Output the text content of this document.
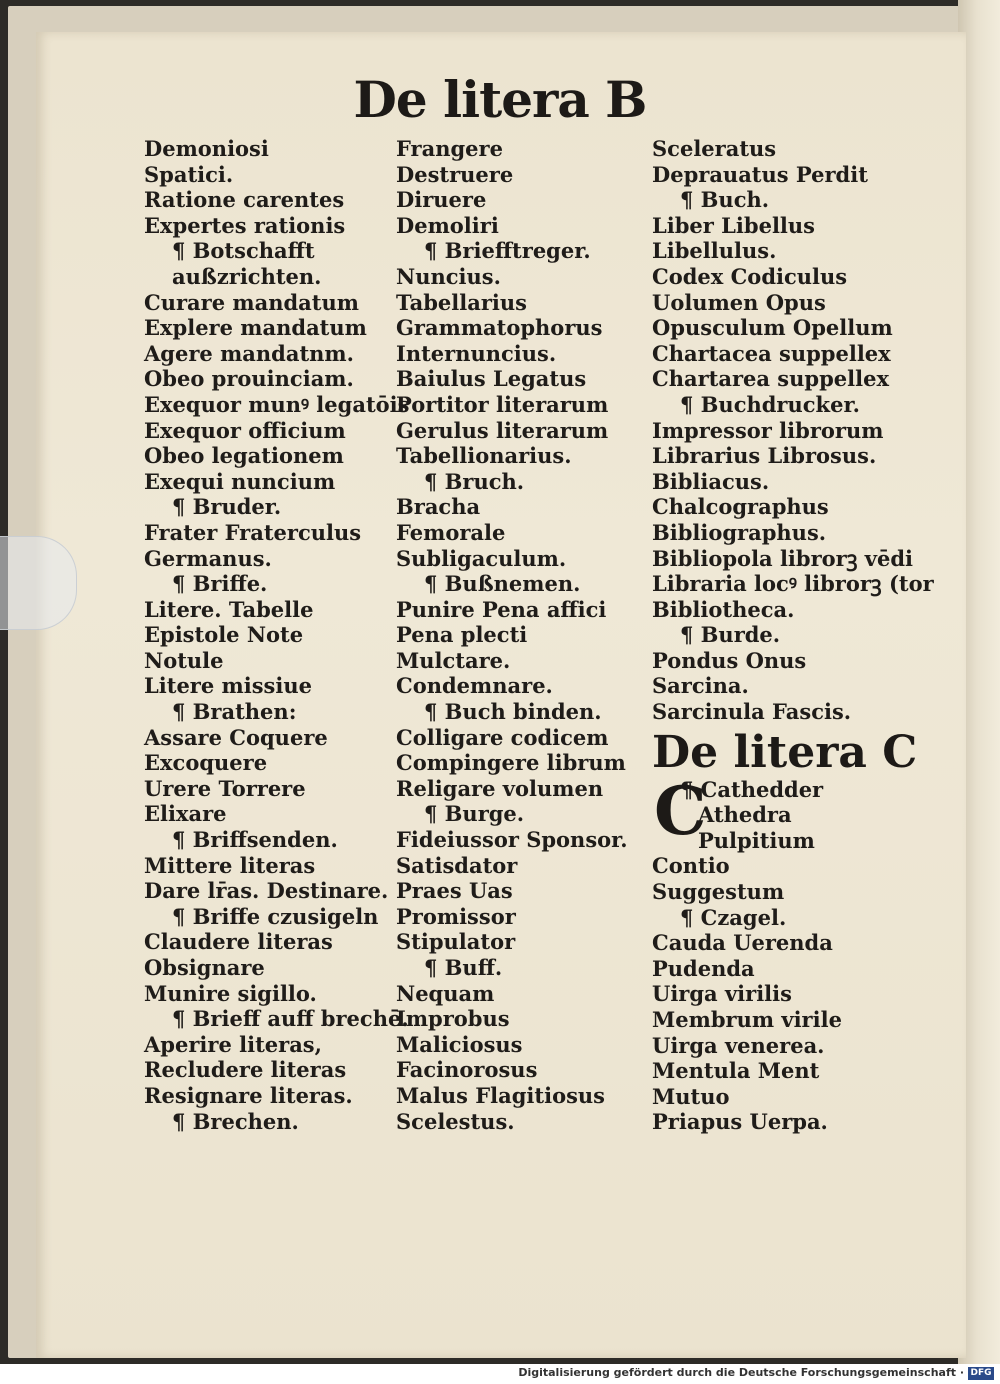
De litera B
Demoniosi
Spatici.
Ratione carentes
Expertes rationis
¶ Botschafft
außzrichten.
Curare mandatum
Explere mandatum
Agere mandatnm.
Obeo prouinciam.
Exequor munꝰ legatōis
Exequor officium
Obeo legationem
Exequi nuncium
¶ Bruder.
Frater Fraterculus
Germanus.
¶ Briffe.
Litere. Tabelle
Epistole Note
Notule
Litere missiue
¶ Brathen:
Assare Coquere
Excoquere
Urere Torrere
Elixare
¶ Briffsenden.
Mittere literas
Dare lr̄as. Destinare.
¶ Briffe czusigeln
Claudere literas
Obsignare
Munire sigillo.
¶ Brieff auff brechē.
Aperire literas,
Recludere literas
Resignare literas.
¶ Brechen.
Frangere
Destruere
Diruere
Demoliri
¶ Briefftreger.
Nuncius.
Tabellarius
Grammatophorus
Internuncius.
Baiulus Legatus
Portitor literarum
Gerulus literarum
Tabellionarius.
¶ Bruch.
Bracha
Femorale
Subligaculum.
¶ Bußnemen.
Punire Pena affici
Pena plecti
Mulctare.
Condemnare.
¶ Buch binden.
Colligare codicem
Compingere librum
Religare volumen
¶ Burge.
Fideiussor Sponsor.
Satisdator
Praes Uas
Promissor
Stipulator
¶ Buff.
Nequam
Improbus
Maliciosus
Facinorosus
Malus Flagitiosus
Scelestus.
Sceleratus
Deprauatus Perdit
¶ Buch.
Liber Libellus
Libellulus.
Codex Codiculus
Uolumen Opus
Opusculum Opellum
Chartacea suppellex
Chartarea suppellex
¶ Buchdrucker.
Impressor librorum
Librarius Librosus.
Bibliacus.
Chalcographus
Bibliographus.
Bibliopola librorꝫ vēdi
Libraria locꝰ librorꝫ (tor
Bibliotheca.
¶ Burde.
Pondus Onus
Sarcina.
Sarcinula Fascis.
De litera C
¶ Cathedder
C
Athedra
Pulpitium
Contio
Suggestum
¶ Czagel.
Cauda Uerenda
Pudenda
Uirga virilis
Membrum virile
Uirga venerea.
Mentula Ment
Mutuo
Priapus Uerpa.
Digitalisierung gefördert durch die Deutsche Forschungsgemeinschaft · DFG
